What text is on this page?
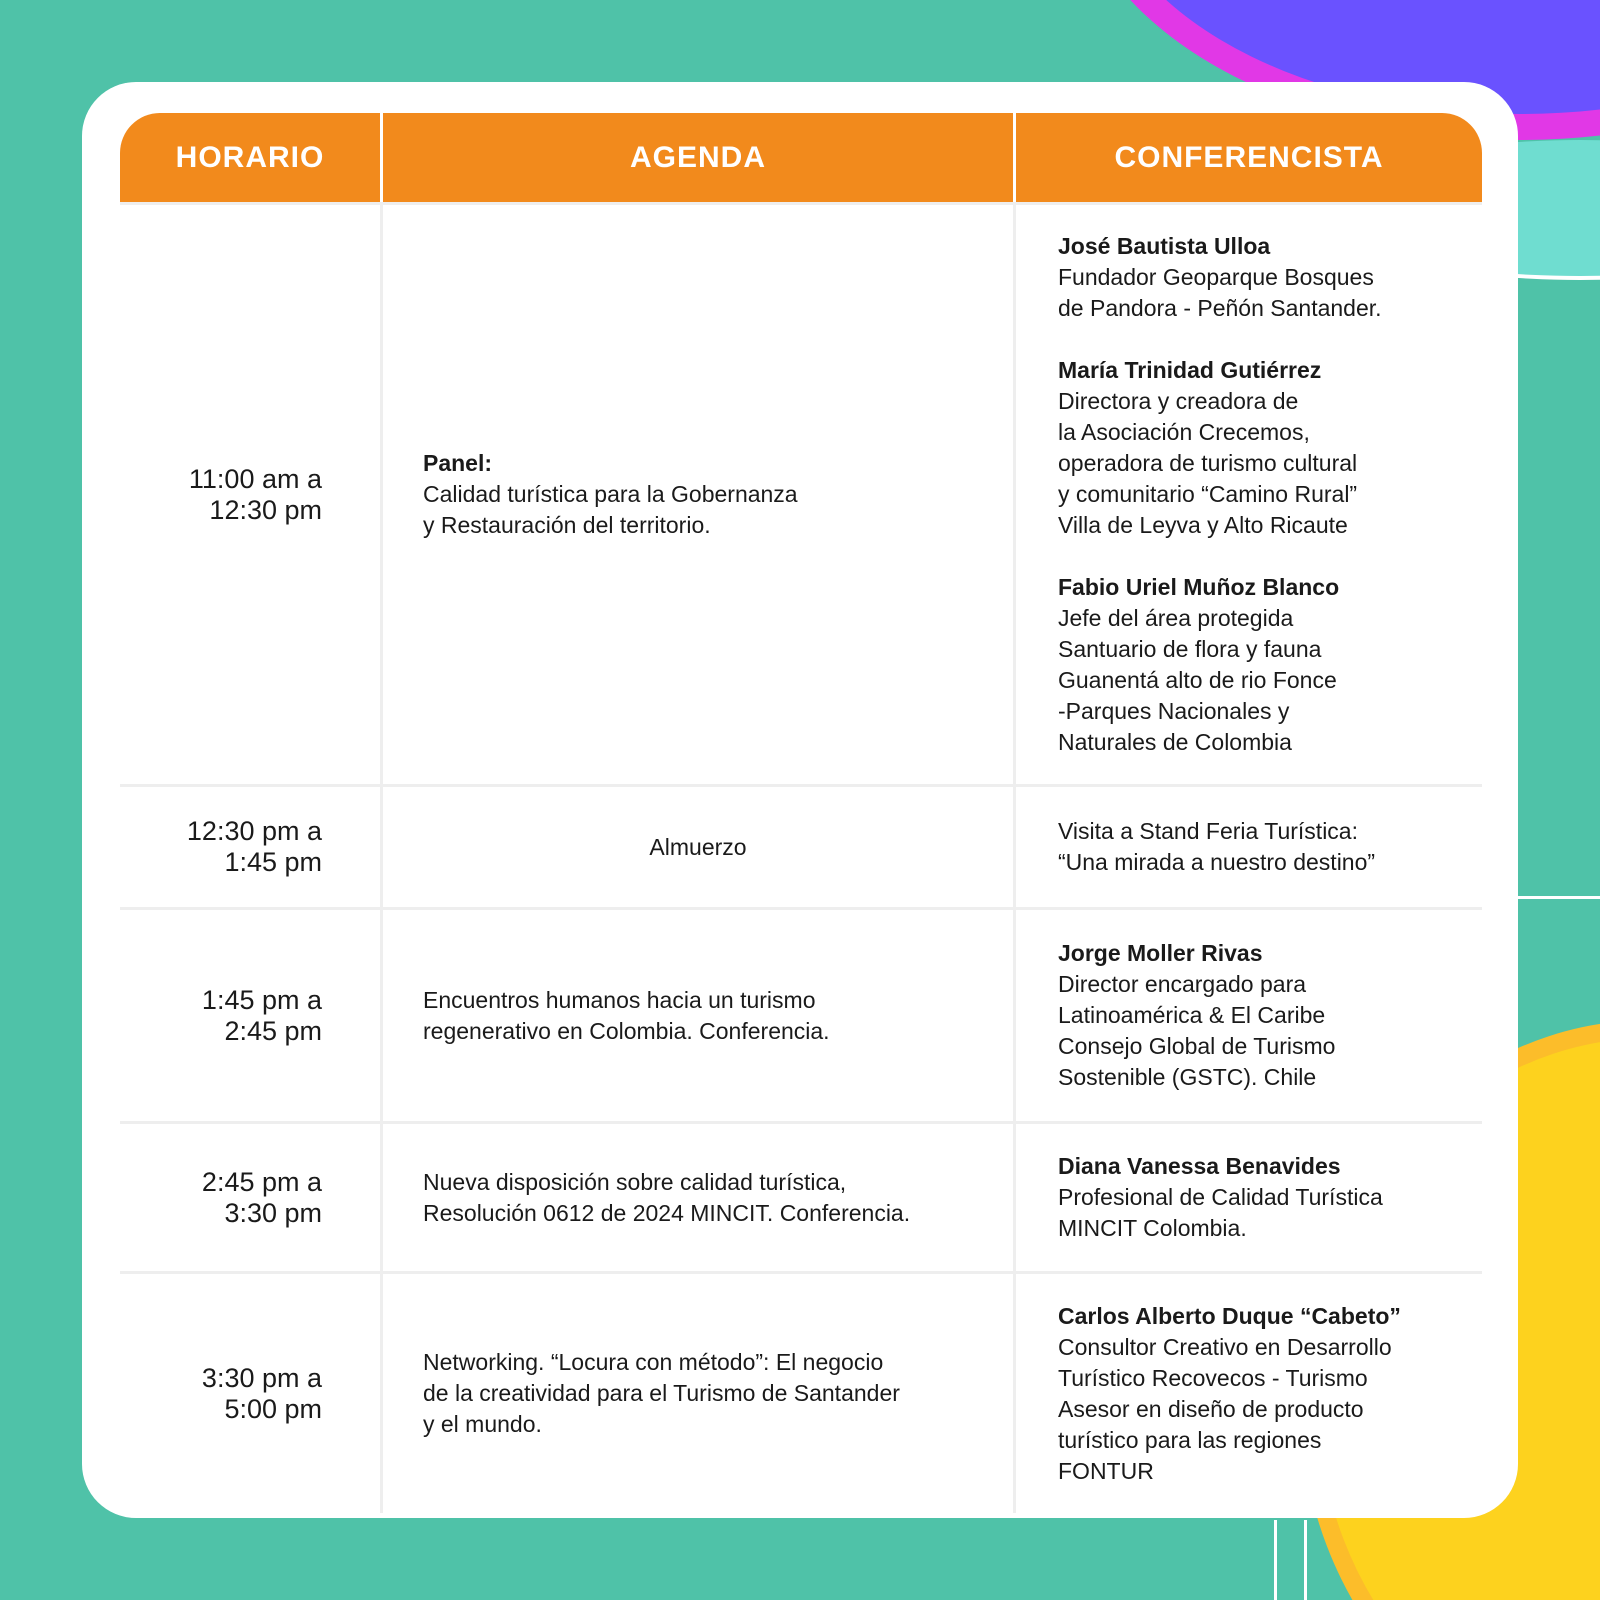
HORARIO	AGENDA	CONFERENCISTA
11:00 am a
12:30 pm
Panel:
Calidad turística para la Gobernanza
y Restauración del territorio.
José Bautista Ulloa
Fundador Geoparque Bosques
de Pandora - Peñón Santander.
María Trinidad Gutiérrez
Directora y creadora de
la Asociación Crecemos,
operadora de turismo cultural
y comunitario “Camino Rural”
Villa de Leyva y Alto Ricaute
Fabio Uriel Muñoz Blanco
Jefe del área protegida
Santuario de flora y fauna
Guanentá alto de rio Fonce
-Parques Nacionales y
Naturales de Colombia
12:30 pm a
1:45 pm
Almuerzo
Visita a Stand Feria Turística:
“Una mirada a nuestro destino”
1:45 pm a
2:45 pm
Encuentros humanos hacia un turismo
regenerativo en Colombia. Conferencia.
Jorge Moller Rivas
Director encargado para
Latinoamérica & El Caribe
Consejo Global de Turismo
Sostenible (GSTC). Chile
2:45 pm a
3:30 pm
Nueva disposición sobre calidad turística,
Resolución 0612 de 2024 MINCIT. Conferencia.
Diana Vanessa Benavides
Profesional de Calidad Turística
MINCIT Colombia.
3:30 pm a
5:00 pm
Networking. “Locura con método”: El negocio
de la creatividad para el Turismo de Santander
y el mundo.
Carlos Alberto Duque “Cabeto”
Consultor Creativo en Desarrollo
Turístico Recovecos - Turismo
Asesor en diseño de producto
turístico para las regiones
FONTUR
